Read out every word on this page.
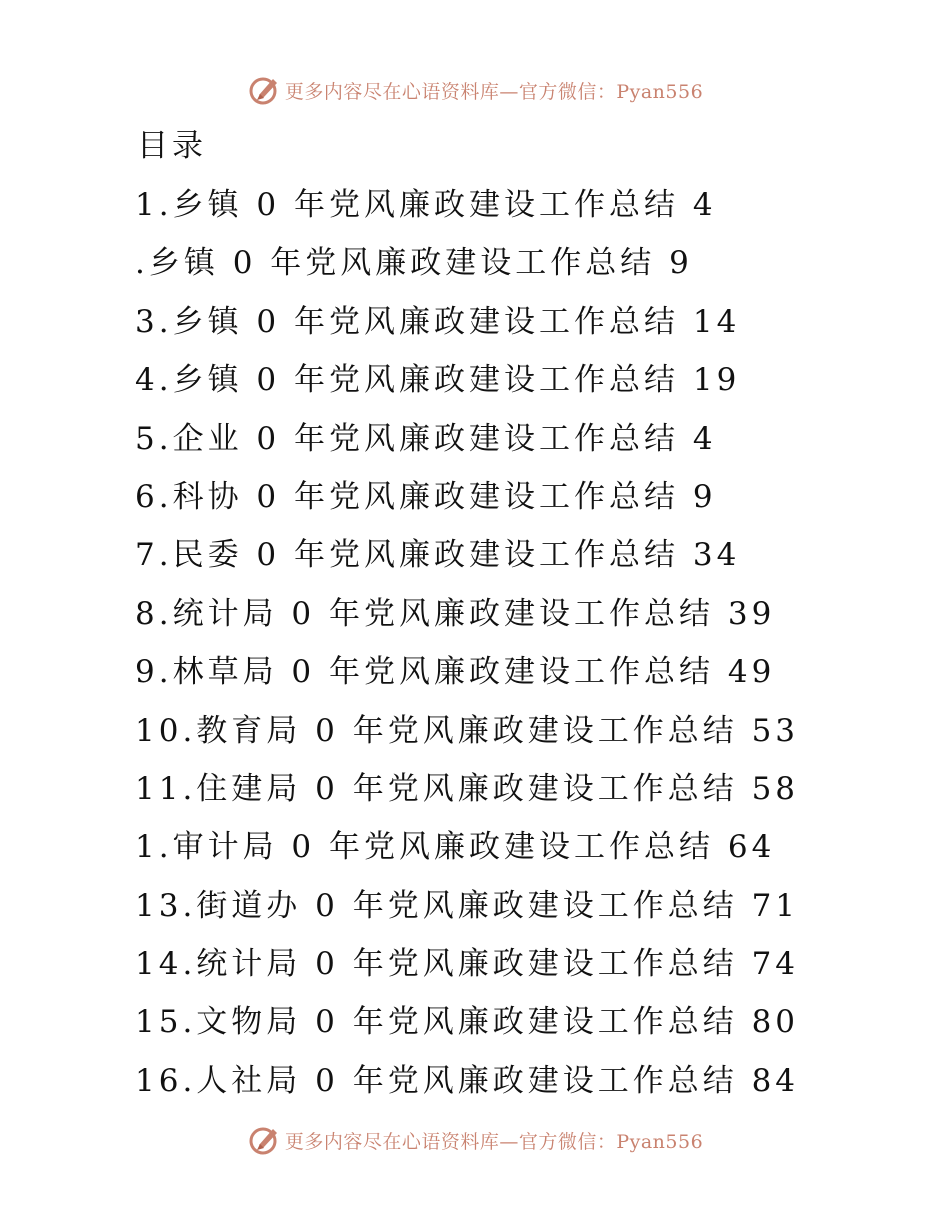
更多内容尽在心语资料库—官方微信：Pyan556
目录
1.乡镇 0 年党风廉政建设工作总结 4
.乡镇 0 年党风廉政建设工作总结 9
3.乡镇 0 年党风廉政建设工作总结 14
4.乡镇 0 年党风廉政建设工作总结 19
5.企业 0 年党风廉政建设工作总结 4
6.科协 0 年党风廉政建设工作总结 9
7.民委 0 年党风廉政建设工作总结 34
8.统计局 0 年党风廉政建设工作总结 39
9.林草局 0 年党风廉政建设工作总结 49
10.教育局 0 年党风廉政建设工作总结 53
11.住建局 0 年党风廉政建设工作总结 58
1.审计局 0 年党风廉政建设工作总结 64
13.街道办 0 年党风廉政建设工作总结 71
14.统计局 0 年党风廉政建设工作总结 74
15.文物局 0 年党风廉政建设工作总结 80
16.人社局 0 年党风廉政建设工作总结 84
更多内容尽在心语资料库—官方微信：Pyan556
